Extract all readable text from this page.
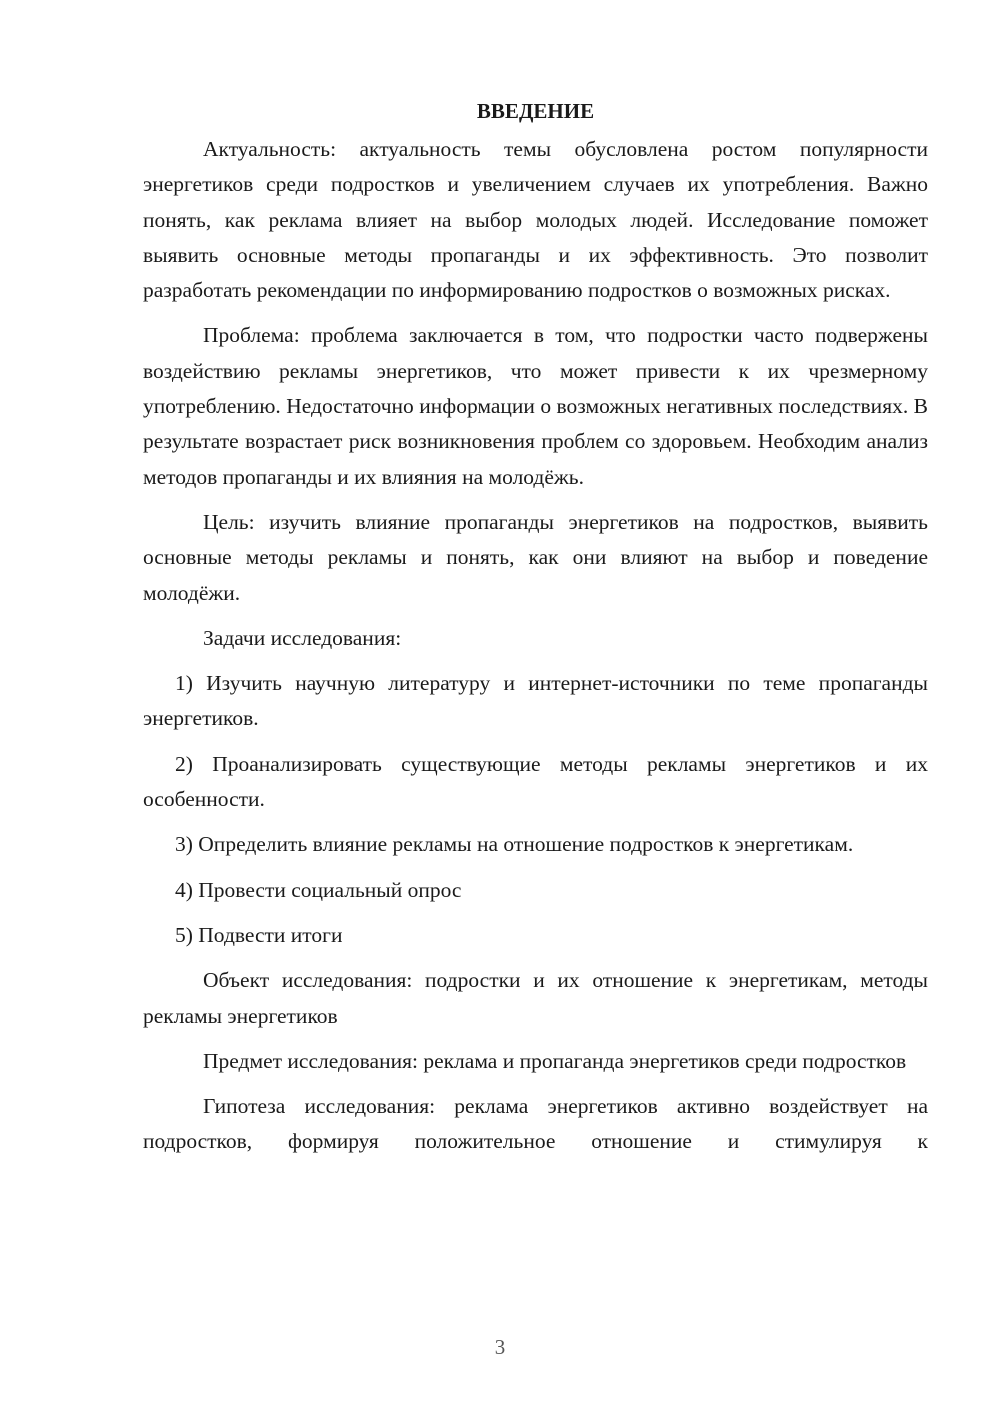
ВВЕДЕНИЕ

Актуальность: актуальность темы обусловлена ростом популярности энергетиков среди подростков и увеличением случаев их употребления. Важно понять, как реклама влияет на выбор молодых людей. Исследование поможет выявить основные методы пропаганды и их эффективность. Это позволит разработать рекомендации по информированию подростков о возможных рисках.

Проблема: проблема заключается в том, что подростки часто подвержены воздействию рекламы энергетиков, что может привести к их чрезмерному употреблению. Недостаточно информации о возможных негативных последствиях. В результате возрастает риск возникновения проблем со здоровьем. Необходим анализ методов пропаганды и их влияния на молодёжь.

Цель: изучить влияние пропаганды энергетиков на подростков, выявить основные методы рекламы и понять, как они влияют на выбор и поведение молодёжи.

Задачи исследования:

1) Изучить научную литературу и интернет-источники по теме пропаганды энергетиков.

2) Проанализировать существующие методы рекламы энергетиков и их особенности.

3) Определить влияние рекламы на отношение подростков к энергетикам.

4) Провести социальный опрос

5) Подвести итоги

Объект исследования: подростки и их отношение к энергетикам, методы рекламы энергетиков

Предмет исследования: реклама и пропаганда энергетиков среди подростков

Гипотеза исследования: реклама энергетиков активно воздействует на подростков, формируя положительное отношение и стимулируя к

3
